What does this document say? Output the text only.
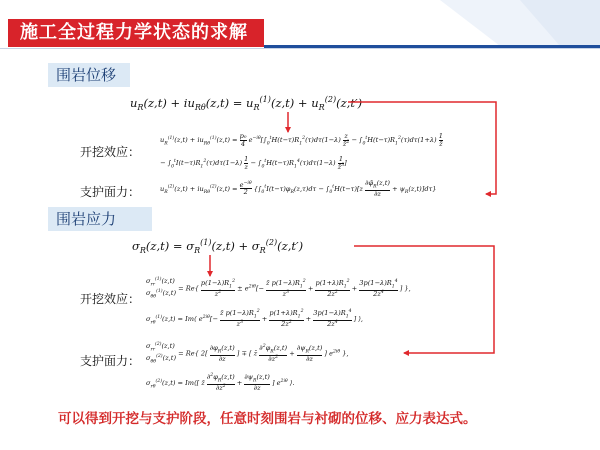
施工全过程力学状态的求解
围岩位移
$u_R(z,t) + iu_{R\theta}(z,t) = u_R^{(1)}(z,t) + u_R^{(2)}(z,t')$
开挖效应：
$u_R^{(1)}(z,t) + iu_{R\theta}^{(1)}(z,t) = \frac{\text{p₀}}{4} e^{-i\theta}[\int_0^tH(t-\tau)R_1^2(\tau)d\tau(1-\lambda) \frac{z}{z̄^2} - \int_0^tH(t-\tau)R_1^2(\tau)d\tau(1+\lambda) \frac{1}{z̄}$
− $\int_0^tI(t-\tau)R_1^2(\tau)d\tau(1-\lambda) \frac{1}{z} - \int_0^tH(t-\tau)R_1^4(\tau)d\tau(1-\lambda) \frac{1}{z̄^3}$ ]
支护面力：	$u_R^{(2)}(z,t) + iu_{R\theta}^{(2)}(z,t) = \frac{e^{-i\theta}}{2} \{\int_0^tI(t-\tau)\varphi_R(z,\tau)d\tau - \int_0^tH(t-\tau)[z \frac{\partial\varphī_R(z,t)}{\partial z} + \psi_R(z,t)]d\tau\}$
围岩应力
$\sigma_R(z,t) = \sigma_R^{(1)}(z,t) + \sigma_R^{(2)}(z,t')$
开挖效应：
$\sigma_{rr}^{(1)}(z,t)$
$\sigma_{\theta\theta}^{(1)}(z,t)$
= $Re\{ \frac{p(1-\lambda)R_1^2}{z^2} \pm e^{2i\theta}[- \frac{z̄ p(1-\lambda)R_1^2}{z^3} + \frac{p(1+\lambda)R_1^2}{2z^2} + \frac{3p(1-\lambda)R_1^4}{2z^4}$ ] },
$\sigma_{r\theta}^{(1)}(z,t)$ = Im⟨ $e^{2i\theta}[- \frac{z̄ p(1-\lambda)R_1^2}{z^3} + \frac{p(1+\lambda)R_1^2}{2z^2} + \frac{3p(1-\lambda)R_1^4}{2z^4}$ ] ⟩,
支护面力：
$\sigma_{rr}^{(2)}(z,t)$
$\sigma_{\theta\theta}^{(2)}(z,t)$
= Re{ $2[ \frac{\partial\varphi_R(z,t)}{\partial z}$ ] ∓ [ z̄ $\frac{\partial^2\varphi_R(z,t)}{\partial z^2} + \frac{\partial\psi_R(z,t)}{\partial z}$ ] $e^{2i\theta}$ },
$\sigma_{r\theta}^{(2)}(z,t)$ = Im⟨[ z̄ $\frac{\partial^2\varphi_R(z,t)}{\partial z^2} + \frac{\partial\psi_R(z,t)}{\partial z}$ ] $e^{2i\theta}$ ⟩.
可以得到开挖与支护阶段，任意时刻围岩与衬砌的位移、应力表达式。
